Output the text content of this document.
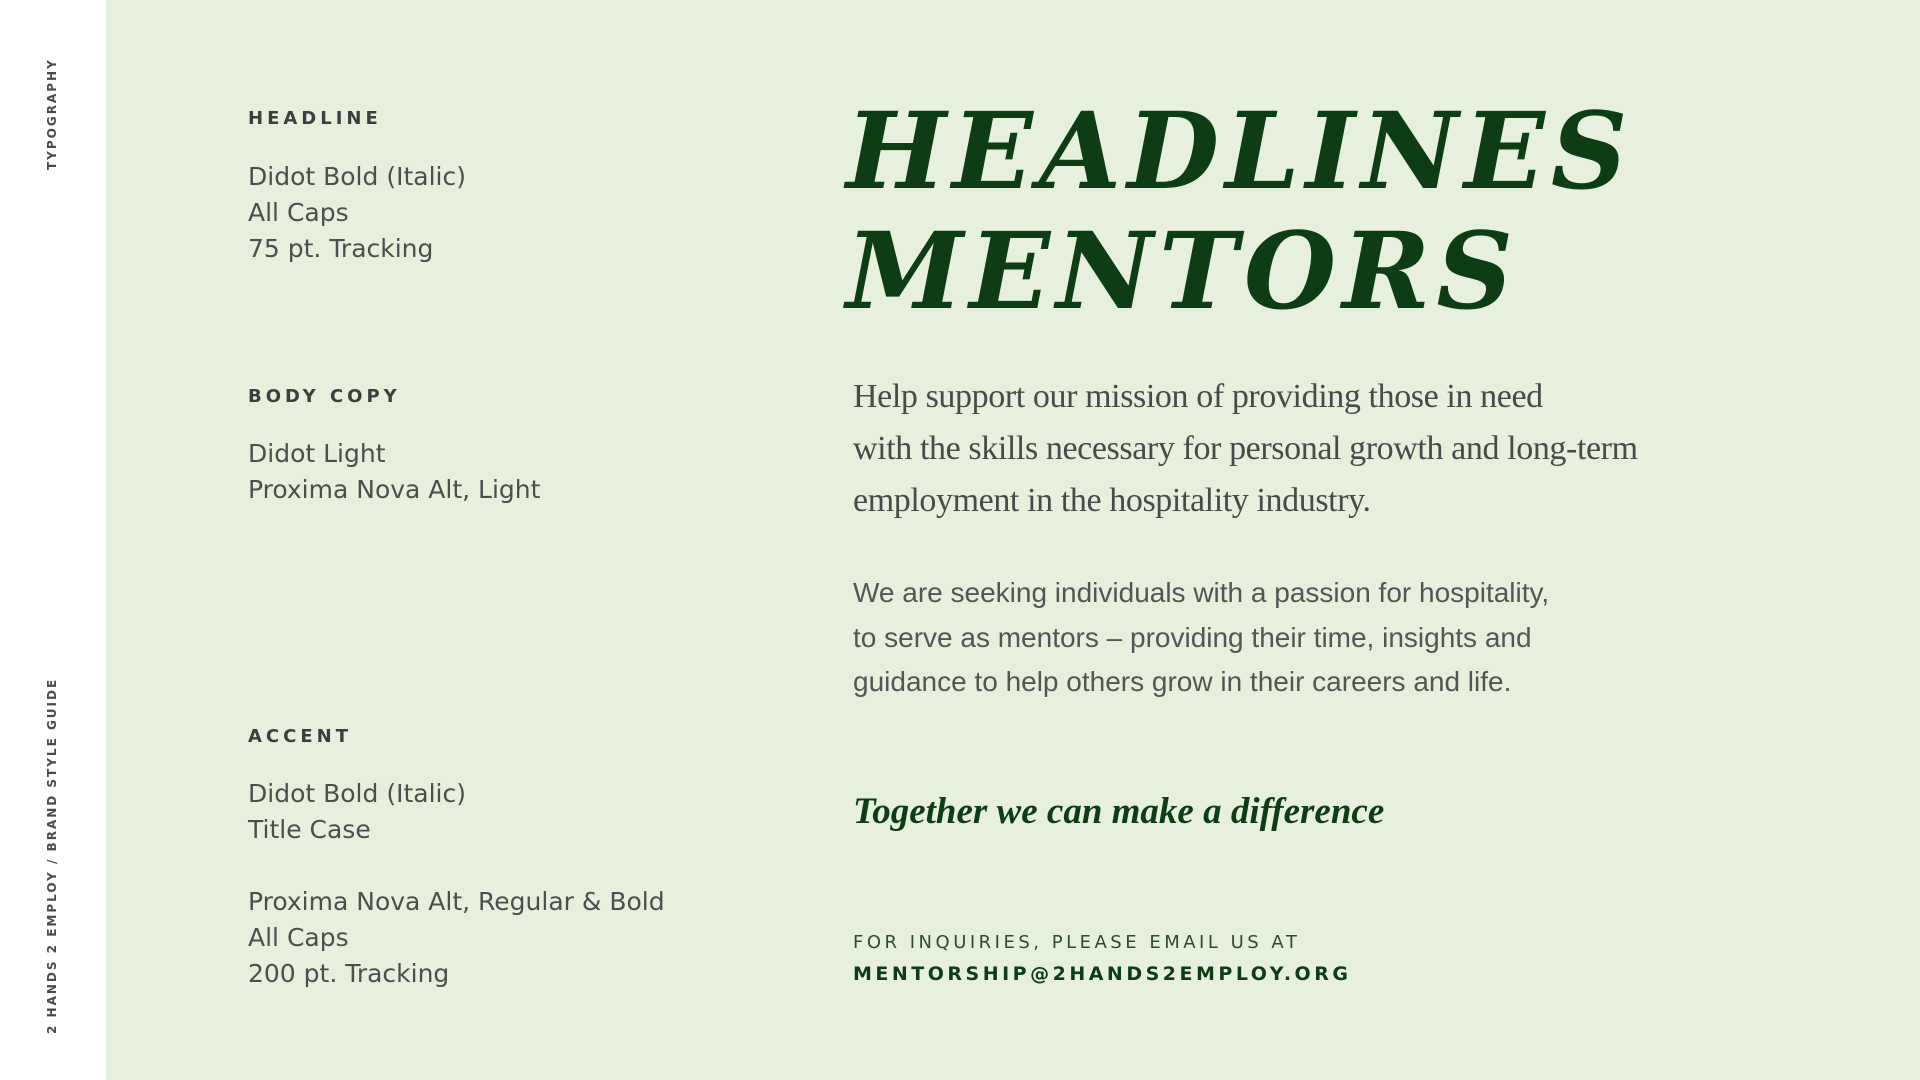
TYPOGRAPHY
2 HANDS 2 EMPLOY / BRAND STYLE GUIDE
HEADLINE
Didot Bold (Italic)
All Caps
75 pt. Tracking
BODY COPY
Didot Light
Proxima Nova Alt, Light
ACCENT
Didot Bold (Italic)
Title Case
Proxima Nova Alt, Regular & Bold
All Caps
200 pt. Tracking
HEADLINES
MENTORS
Help support our mission of providing those in need
with the skills necessary for personal growth and long-term
employment in the hospitality industry.
We are seeking individuals with a passion for hospitality,
to serve as mentors – providing their time, insights and
guidance to help others grow in their careers and life.
Together we can make a difference
FOR INQUIRIES, PLEASE EMAIL US AT
MENTORSHIP@2HANDS2EMPLOY.ORG
